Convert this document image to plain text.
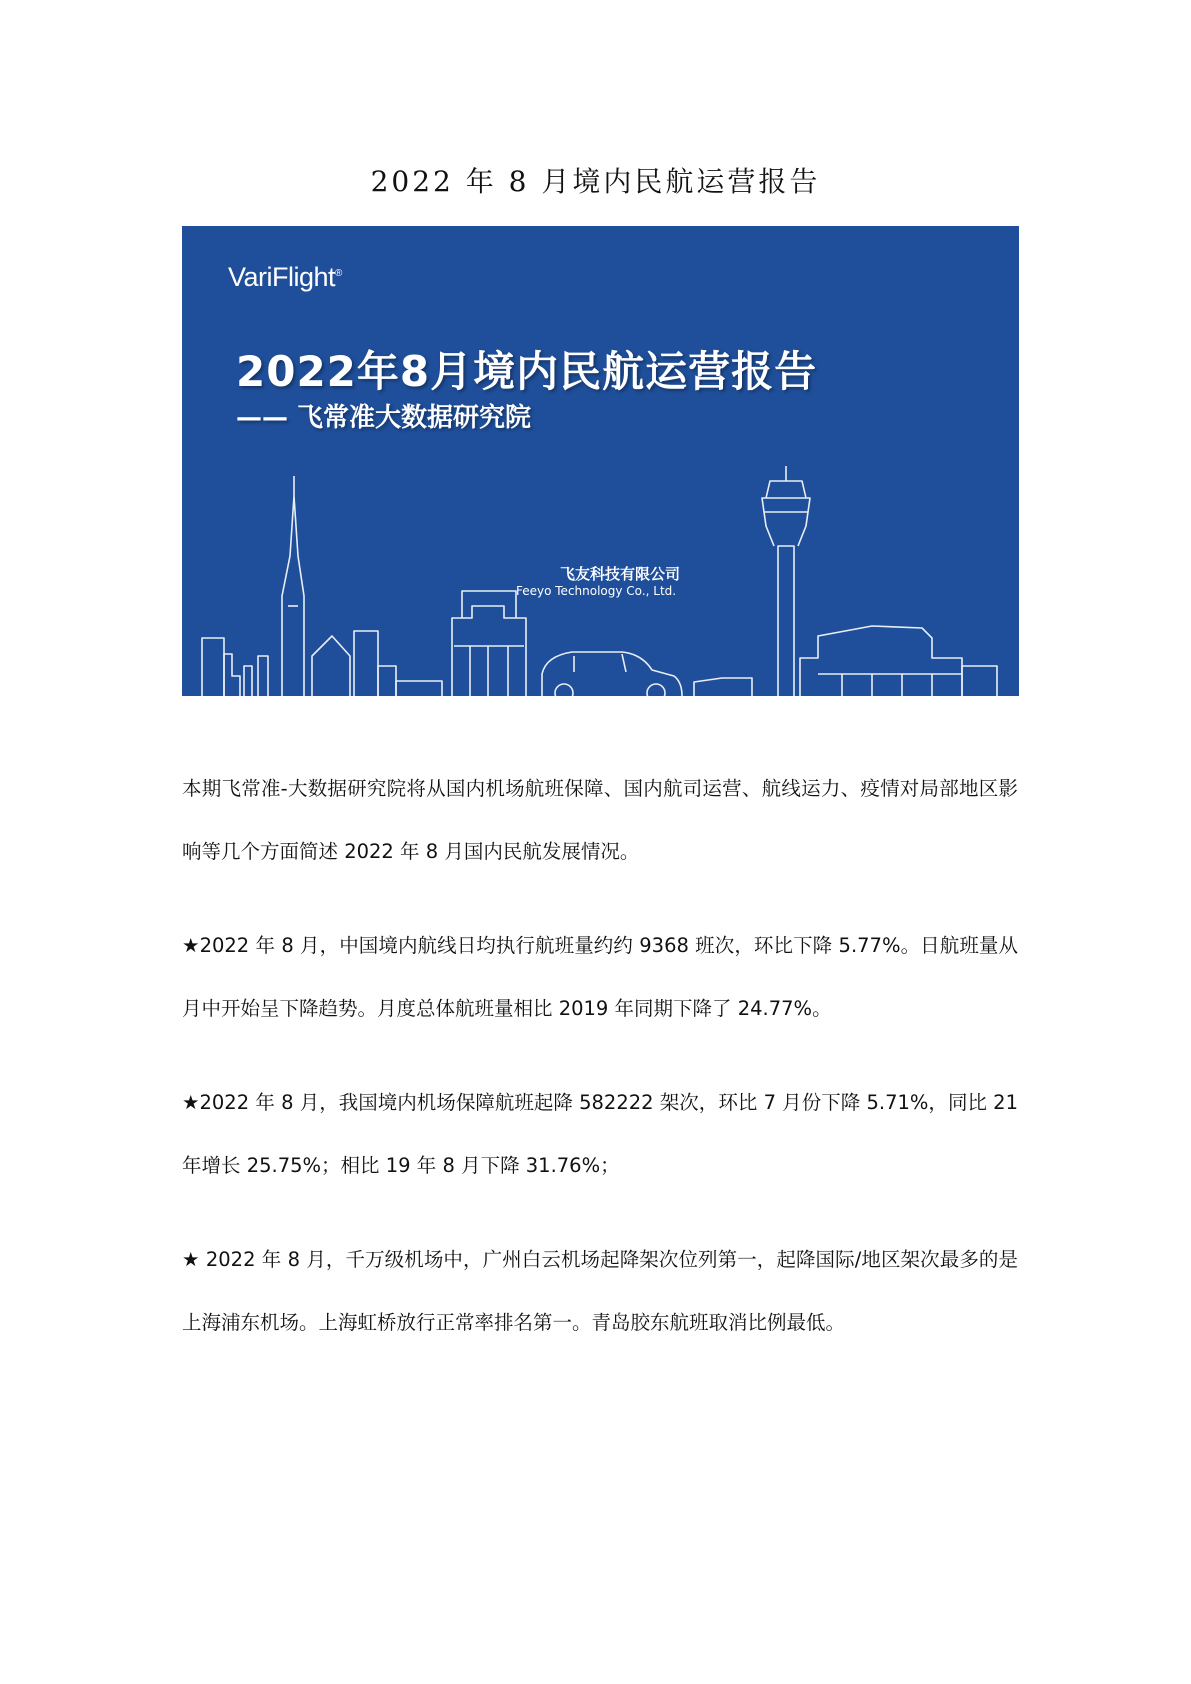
2022 年 8 月境内民航运营报告
VariFlight®
2022年8月境内民航运营报告
—— 飞常准大数据研究院
飞友科技有限公司
Feeyo Technology Co., Ltd.

本期飞常准-大数据研究院将从国内机场航班保障、国内航司运营、航线运力、疫情对局部地区影响等几个方面简述 2022 年 8 月国内民航发展情况。

★2022 年 8 月，中国境内航线日均执行航班量约约 9368 班次，环比下降 5.77%。日航班量从月中开始呈下降趋势。月度总体航班量相比 2019 年同期下降了 24.77%。

★2022 年 8 月，我国境内机场保障航班起降 582222 架次，环比 7 月份下降 5.71%，同比 21 年增长 25.75%；相比 19 年 8 月下降 31.76%；

★ 2022 年 8 月，千万级机场中，广州白云机场起降架次位列第一，起降国际/地区架次最多的是上海浦东机场。上海虹桥放行正常率排名第一。青岛胶东航班取消比例最低。
